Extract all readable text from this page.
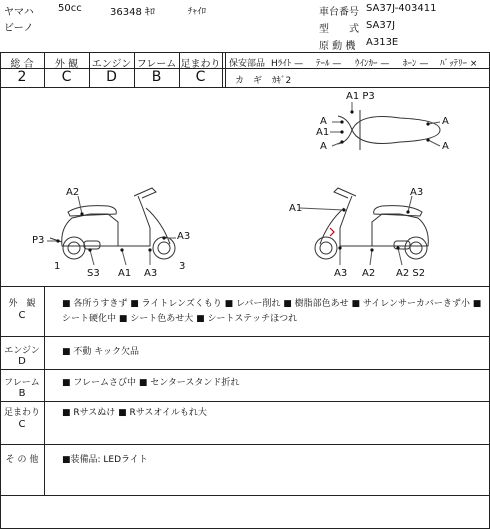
ヤマハ 50cc	36348 ｷﾛ	ﾁｬｲﾛ
ビーノ
車台番号 SA37J-403411
型　　式 SA37J
原 動 機 A313E
総 合	外 観	エンジン フレーム 足まわり
2	C	D	B	C
保安部品 Hﾗｲﾄ — ﾃｰﾙ — ｳｲﾝｶｰ — ﾎｰﾝ — ﾊﾞｯﾃﾘｰ ×
カ　ギ ｶｷﾞ2
A2
P3	A3
1
S3 A1 A3
3
A1
A3
A3 A2 A2 S2
A1 P3
A1
A
A
A
A
外　観
C
■ 各所うすきず ■ ライトレンズくもり ■ レバー削れ ■ 樹脂部色あせ ■ サイレンサーカバーきず小 ■
シート硬化中 ■ シート色あせ大 ■ シートステッチほつれ
エンジン
D
■ 不動 キック欠品
フレーム
B
■ フレームさび中 ■ センタースタンド折れ
足まわり
C
■ Rサスぬけ ■ Rサスオイルもれ大
そ の 他	■装備品: LEDライト
